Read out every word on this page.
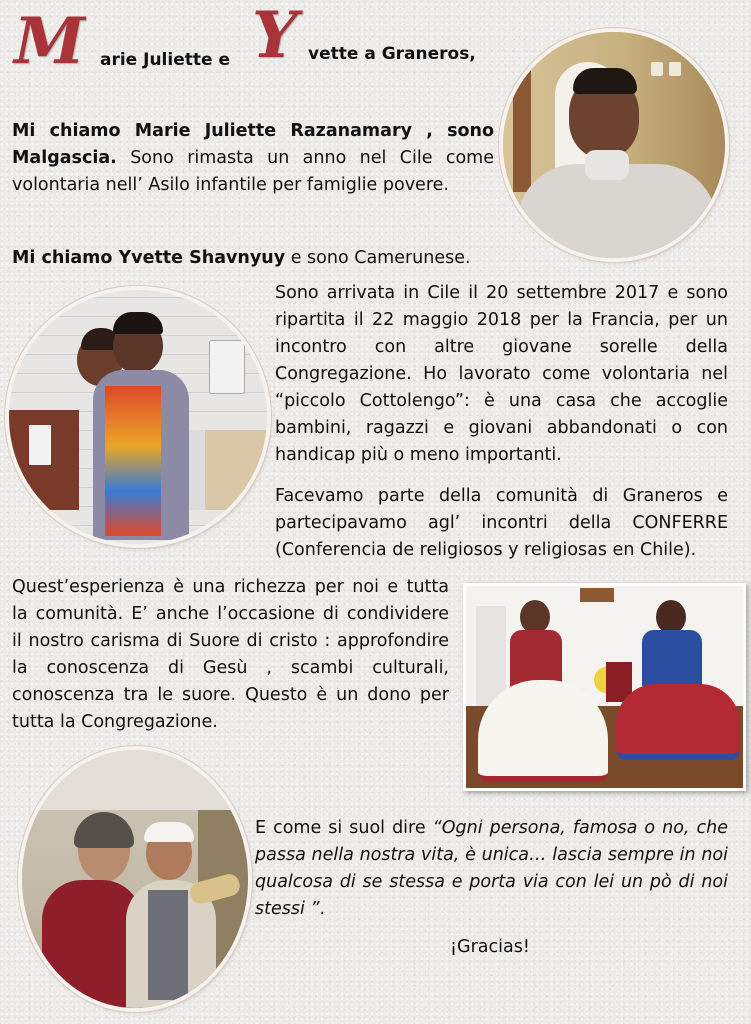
M arie Juliette e Y vette a Graneros,

Mi chiamo Marie Juliette Razanamary , sono Malgascia. Sono rimasta un anno nel Cile come volontaria nell’ Asilo infantile per famiglie povere.

Mi chiamo Yvette Shavnyuy e sono Camerunese.

Sono arrivata in Cile il 20 settembre 2017 e sono ripartita il 22 maggio 2018 per la Francia, per un incontro con altre giovane sorelle della Congregazione. Ho lavorato come volontaria nel “piccolo Cottolengo”: è una casa che accoglie bambini, ragazzi e giovani abbandonati o con handicap più o meno importanti.

Facevamo parte della comunità di Graneros e partecipavamo agl’ incontri della CONFERRE (Conferencia de religiosos y religiosas en Chile).

Quest’esperienza è una richezza per noi e tutta la comunità. E’ anche l’occasione di condividere il nostro carisma di Suore di cristo : approfondire la conoscenza di Gesù , scambi culturali, conoscenza tra le suore. Questo è un dono per tutta la Congregazione.

E come si suol dire “Ogni persona, famosa o no, che passa nella nostra vita, è unica… lascia sempre in noi qualcosa di se stessa e porta via con lei un pò di noi stessi ”.

¡Gracias!
